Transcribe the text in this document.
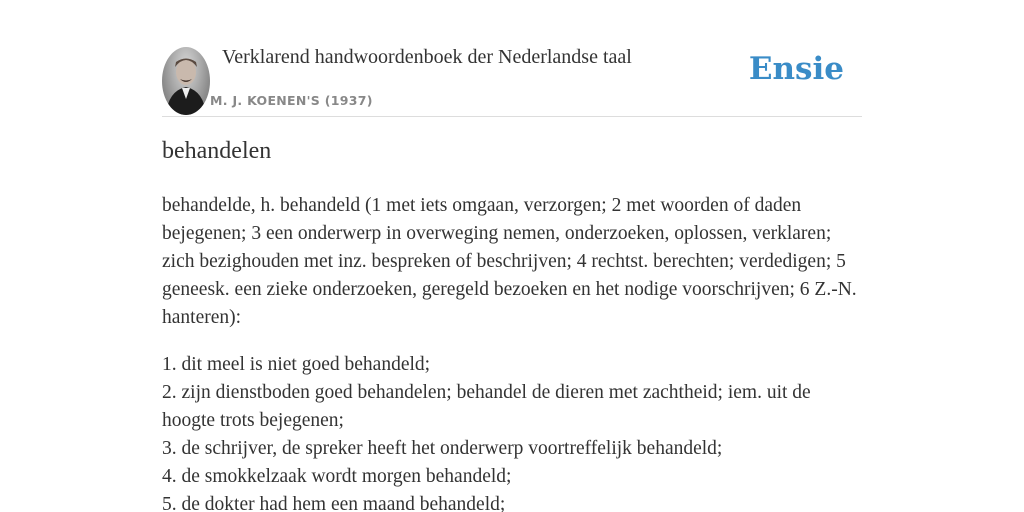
Verklarend handwoordenboek der Nederlandse taal
M. J. KOENEN'S (1937)
Ensie
behandelen

behandelde, h. behandeld (1 met iets omgaan, verzorgen; 2 met woorden of daden bejegenen; 3 een onderwerp in overweging nemen, onderzoeken, oplossen, verklaren; zich bezighouden met inz. bespreken of beschrijven; 4 rechtst. berechten; verdedigen; 5 geneesk. een zieke onderzoeken, geregeld bezoeken en het nodige voorschrijven; 6 Z.-N. hanteren):

1. dit meel is niet goed behandeld;
2. zijn dienstboden goed behandelen; behandel de dieren met zachtheid; iem. uit de hoogte trots bejegenen;
3. de schrijver, de spreker heeft het onderwerp voortreffelijk behandeld;
4. de smokkelzaak wordt morgen behandeld;
5. de dokter had hem een maand behandeld;
